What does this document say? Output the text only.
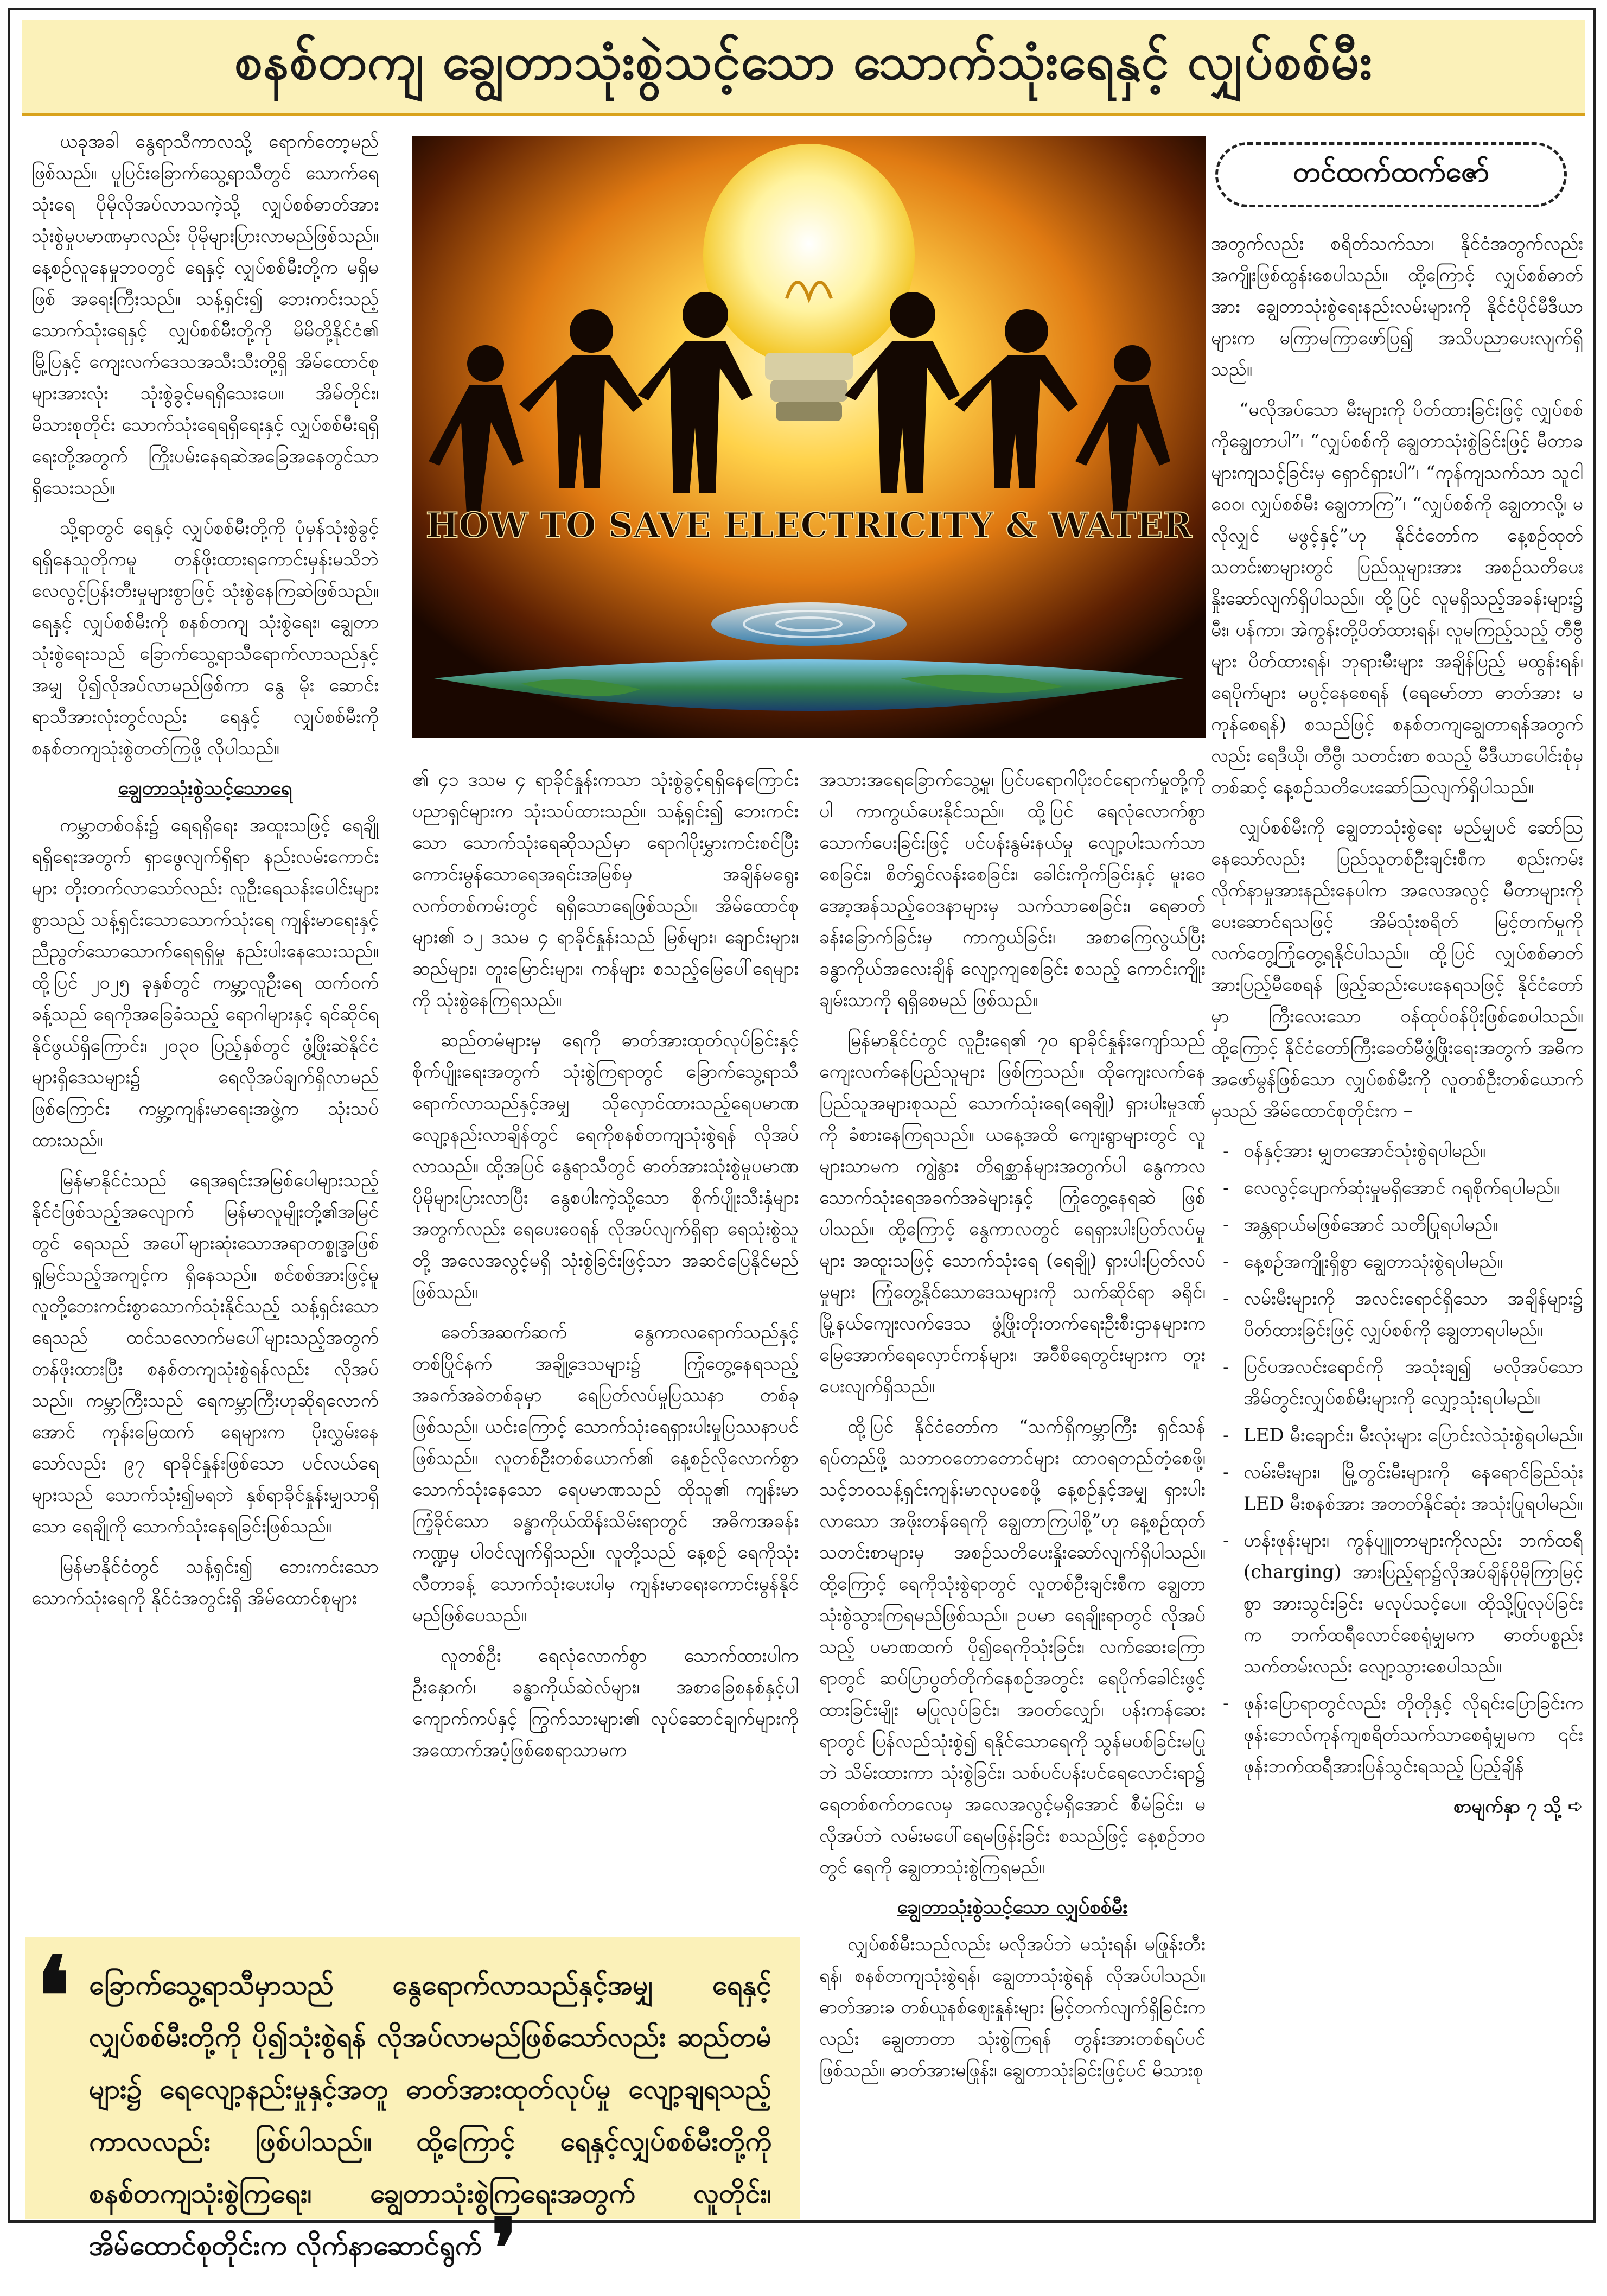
စနစ်တကျ ချွေတာသုံးစွဲသင့်သော သောက်သုံးရေနှင့် လျှပ်စစ်မီး

ယခုအခါ နွေရာသီကာလသို့ ရောက်တော့မည်ဖြစ်သည်။ ပူပြင်းခြောက်သွေ့ရာသီတွင် သောက်ရေသုံးရေ ပိုမိုလိုအပ်လာသကဲ့သို့ လျှပ်စစ်ဓာတ်အား သုံးစွဲမှုပမာဏမှာလည်း ပိုမိုများပြားလာမည်ဖြစ်သည်။ နေ့စဉ်လူနေမှုဘဝတွင် ရေနှင့် လျှပ်စစ်မီးတို့က မရှိမဖြစ် အရေးကြီးသည်။ သန့်ရှင်း၍ ဘေးကင်းသည့် သောက်သုံးရေနှင့် လျှပ်စစ်မီးတို့ကို မိမိတို့နိုင်ငံ၏ မြို့ပြနှင့် ကျေးလက်ဒေသအသီးသီးတို့ရှိ အိမ်ထောင်စုများအားလုံး သုံးစွဲခွင့်မရရှိသေးပေ။ အိမ်တိုင်း၊ မိသားစုတိုင်း သောက်သုံးရေရရှိရေးနှင့် လျှပ်စစ်မီးရရှိရေးတို့အတွက် ကြိုးပမ်းနေရဆဲအခြေအနေတွင်သာ ရှိသေးသည်။

သို့ရာတွင် ရေနှင့် လျှပ်စစ်မီးတို့ကို ပုံမှန်သုံးစွဲခွင့်ရရှိနေသူတိုကမူ တန်ဖိုးထားရကောင်းမှန်းမသိဘဲ လေလွင့်ပြန်းတီးမှုများစွာဖြင့် သုံးစွဲနေကြဆဲဖြစ်သည်။ ရေနှင့် လျှပ်စစ်မီးကို စနစ်တကျ သုံးစွဲရေး၊ ချွေတာသုံးစွဲရေးသည် ခြောက်သွေ့ရာသီရောက်လာသည်နှင့်အမျှ ပို၍လိုအပ်လာမည်ဖြစ်ကာ နွေ မိုး ဆောင်း ရာသီအားလုံးတွင်လည်း ရေနှင့် လျှပ်စစ်မီးကို စနစ်တကျသုံးစွဲတတ်ကြဖို့ လိုပါသည်။

ချွေတာသုံးစွဲသင့်သောရေ

ကမ္ဘာတစ်ဝန်း၌ ရေရရှိရေး အထူးသဖြင့် ရေချိုရရှိရေးအတွက် ရှာဖွေလျက်ရှိရာ နည်းလမ်းကောင်းများ တိုးတက်လာသော်လည်း လူဦးရေသန်းပေါင်းများစွာသည် သန့်ရှင်းသောသောက်သုံးရေ ကျန်းမာရေးနှင့်ညီညွတ်သောသောက်ရေရရှိမှု နည်းပါးနေသေးသည်။ ထို့ပြင် ၂၀၂၅ ခုနှစ်တွင် ကမ္ဘာ့လူဦးရေ ထက်ဝက်ခန့်သည် ရေကိုအခြေခံသည့် ရောဂါများနှင့် ရင်ဆိုင်ရနိုင်ဖွယ်ရှိကြောင်း၊ ၂၀၃၀ ပြည့်နှစ်တွင် ဖွံ့ဖြိုးဆဲနိုင်ငံများရှိဒေသများ၌ ရေလိုအပ်ချက်ရှိလာမည်ဖြစ်ကြောင်း ကမ္ဘာ့ကျန်းမာရေးအဖွဲ့က သုံးသပ်ထားသည်။

မြန်မာနိုင်ငံသည် ရေအရင်းအမြစ်ပေါများသည့် နိုင်ငံဖြစ်သည့်အလျောက် မြန်မာလူမျိုးတို့၏အမြင်တွင် ရေသည် အပေါ်များဆုံးသောအရာတစ္စ္ခုအဖြစ် ရှုမြင်သည့်အကျင့်က ရှိနေသည်။ စင်စစ်အားဖြင့်မူ လူတို့ဘေးကင်းစွာသောက်သုံးနိုင်သည့် သန့်ရှင်းသောရေသည် ထင်သလောက်မပေါ်များသည့်အတွက် တန်ဖိုးထားပြီး စနစ်တကျသုံးစွဲရန်လည်း လိုအပ်သည်။ ကမ္ဘာကြီးသည် ရေကမ္ဘာကြီးဟုဆိုရလောက်အောင် ကုန်းမြေထက် ရေများက ပိုးလွှမ်းနေသော်လည်း ၉၇ ရာခိုင်နှုန်းဖြစ်သော ပင်လယ်ရေများသည် သောက်သုံး၍မရဘဲ နှစ်ရာခိုင်နှုန်းမျှသာရှိသော ရေချိုကို သောက်သုံးနေရခြင်းဖြစ်သည်။

မြန်မာနိုင်ငံတွင် သန့်ရှင်း၍ ဘေးကင်းသော သောက်သုံးရေကို နိုင်ငံအတွင်းရှိ အိမ်ထောင်စုများ

HOW TO SAVE ELECTRICITY & WATER

၏ ၄၁ ဒသမ ၄ ရာခိုင်နှုန်းကသာ သုံးစွဲခွင့်ရရှိနေကြောင်း ပညာရှင်များက သုံးသပ်ထားသည်။ သန့်ရှင်း၍ ဘေးကင်းသော သောက်သုံးရေဆိုသည်မှာ ရောဂါပိုးမွှားကင်းစင်ပြီး ကောင်းမွန်သောရေအရင်းအမြစ်မှ အချိန်မရွေး လက်တစ်ကမ်းတွင် ရရှိသောရေဖြစ်သည်။ အိမ်ထောင်စုများ၏ ၁၂ ဒသမ ၄ ရာခိုင်နှုန်းသည် မြစ်များ၊ ချောင်းများ၊ ဆည်များ၊ တူးမြောင်းများ၊ ကန်များ စသည့်မြေပေါ်ရေများကို သုံးစွဲနေကြရသည်။

ဆည်တမံများမှ ရေကို ဓာတ်အားထုတ်လုပ်ခြင်းနှင့် စိုက်ပျိုးရေးအတွက် သုံးစွဲကြရာတွင် ခြောက်သွေ့ရာသီရောက်လာသည်နှင့်အမျှ သိုလှောင်ထားသည့်ရေပမာဏ လျော့နည်းလာချိန်တွင် ရေကိုစနစ်တကျသုံးစွဲရန် လိုအပ်လာသည်။ ထို့အပြင် နွေရာသီတွင် ဓာတ်အားသုံးစွဲမှုပမာဏ ပိုမိုများပြားလာပြီး နွေစပါးကဲ့သို့သော စိုက်ပျိုးသီးနှံများအတွက်လည်း ရေပေးဝေရန် လိုအပ်လျက်ရှိရာ ရေသုံးစွဲသူတို့ အလေအလွင့်မရှိ သုံးစွဲခြင်းဖြင့်သာ အဆင်ပြေနိုင်မည်ဖြစ်သည်။

ခေတ်အဆက်ဆက် နွေကာလရောက်သည်နှင့် တစ်ပြိုင်နက် အချို့ဒေသများ၌ ကြုံတွေ့နေရသည့် အခက်အခဲတစ်ခုမှာ ရေပြတ်လပ်မှုပြဿနာ တစ်ခုဖြစ်သည်။ ယင်းကြောင့် သောက်သုံးရေရှားပါးမှုပြဿနာပင်ဖြစ်သည်။ လူတစ်ဦးတစ်ယောက်၏ နေ့စဉ်လိုလောက်စွာ သောက်သုံးနေသော ရေပမာဏသည် ထိုသူ၏ ကျန်းမာကြံ့ခိုင်သော ခန္ဓာကိုယ်ထိန်းသိမ်းရာတွင် အဓိကအခန်းကဏ္ဍမှ ပါဝင်လျက်ရှိသည်။ လူတို့သည် နေ့စဉ် ရေကိုသုံးလီတာခန့် သောက်သုံးပေးပါမှ ကျန်းမာရေးကောင်းမွန်နိုင်မည်ဖြစ်ပေသည်။

လူတစ်ဦး ရေလုံလောက်စွာ သောက်ထားပါက ဦးနှောက်၊ ခန္ဓာကိုယ်ဆဲလ်များ၊ အစာခြေစနစ်နှင့်ပါ ကျောက်ကပ်နှင့် ကြွက်သားများ၏ လုပ်ဆောင်ချက်များကို အထောက်အပံ့ဖြစ်စေရာသာမက

အသားအရေခြောက်သွေ့မှု၊ ပြင်ပရောဂါပိုးဝင်ရောက်မှုတို့ကိုပါ ကာကွယ်ပေးနိုင်သည်။ ထို့ပြင် ရေလုံလောက်စွာသောက်ပေးခြင်းဖြင့် ပင်ပန်းနွမ်းနယ်မှု လျော့ပါးသက်သာစေခြင်း၊ စိတ်ရွှင်လန်းစေခြင်း၊ ခေါင်းကိုက်ခြင်းနှင့် မူးဝေအော့အန်သည့်ဝေဒနာများမှ သက်သာစေခြင်း၊ ရေဓာတ်ခန်းခြောက်ခြင်းမှ ကာကွယ်ခြင်း၊ အစာကြေလွယ်ပြီး ခန္ဓာကိုယ်အလေးချိန် လျော့ကျစေခြင်း စသည့် ကောင်းကျိုးချမ်းသာကို ရရှိစေမည် ဖြစ်သည်။

မြန်မာနိုင်ငံတွင် လူဦးရေ၏ ၇၀ ရာခိုင်နှုန်းကျော်သည် ကျေးလက်နေပြည်သူများ ဖြစ်ကြသည်။ ထိုကျေးလက်နေပြည်သူအများစုသည် သောက်သုံးရေ(ရေချို) ရှားပါးမှုဒဏ်ကို ခံစားနေကြရသည်။ ယနေ့အထိ ကျေးရွာများတွင် လူများသာမက ကျွဲနွား တိရစ္ဆာန်များအတွက်ပါ နွေကာလ သောက်သုံးရေအခက်အခဲများနှင့် ကြုံတွေ့နေရဆဲ ဖြစ်ပါသည်။ ထို့ကြောင့် နွေကာလတွင် ရေရှားပါးပြတ်လပ်မှုများ အထူးသဖြင့် သောက်သုံးရေ (ရေချို) ရှားပါးပြတ်လပ်မှုများ ကြုံတွေ့နိုင်သောဒေသများကို သက်ဆိုင်ရာ ခရိုင်၊ မြို့နယ်ကျေးလက်ဒေသ ဖွံ့ဖြိုးတိုးတက်ရေးဦးစီးဌာနများက မြေအောက်ရေလှောင်ကန်များ၊ အဝီစိရေတွင်းများက တူးပေးလျက်ရှိသည်။

ထို့ပြင် နိုင်ငံတော်က “သက်ရှိကမ္ဘာကြီး ရှင်သန်ရပ်တည်ဖို့ သဘာဝတောတောင်များ ထာဝရတည်တံ့စေဖို့၊ သင့်ဘဝသန့်ရှင်းကျန်းမာလုပစေဖို့ နေ့စဉ်နှင့်အမျှ ရှားပါးလာသော အဖိုးတန်ရေကို ချွေတာကြပါစို့”ဟု နေ့စဉ်ထုတ်သတင်းစာများမှ အစဉ်သတိပေးနှိုးဆော်လျက်ရှိပါသည်။ ထို့ကြောင့် ရေကိုသုံးစွဲရာတွင် လူတစ်ဦးချင်းစီက ချွေတာသုံးစွဲသွားကြရမည်ဖြစ်သည်။ ဥပမာ ရေချိုးရာတွင် လိုအပ်သည့် ပမာဏထက် ပို၍ရေကိုသုံးခြင်း၊ လက်ဆေးကြောရာတွင် ဆပ်ပြာပွတ်တိုက်နေစဉ်အတွင်း ရေပိုက်ခေါင်းဖွင့်ထားခြင်းမျိုး မပြုလုပ်ခြင်း၊ အဝတ်လျှော်၊ ပန်းကန်ဆေးရာတွင် ပြန်လည်သုံးစွဲ၍ ရနိုင်သောရေကို သွန်မပစ်ခြင်းမပြုဘဲ သိမ်းထားကာ သုံးစွဲခြင်း၊ သစ်ပင်ပန်းပင်ရေလောင်းရာ၌ ရေတစ်စက်တလေမှ အလေအလွင့်မရှိအောင် စီမံခြင်း၊ မလိုအပ်ဘဲ လမ်းမပေါ်ရေမဖြန်းခြင်း စသည်ဖြင့် နေ့စဉ်ဘဝတွင် ရေကို ချွေတာသုံးစွဲကြရမည်။

ချွေတာသုံးစွဲသင့်သော လျှပ်စစ်မီး

လျှပ်စစ်မီးသည်လည်း မလိုအပ်ဘဲ မသုံးရန်၊ မဖြုန်းတီးရန်၊ စနစ်တကျသုံးစွဲရန်၊ ချွေတာသုံးစွဲရန် လိုအပ်ပါသည်။ ဓာတ်အားခ တစ်ယူနစ်ဈေးနှုန်းများ မြင့်တက်လျက်ရှိခြင်းကလည်း ချွေတာတာ သုံးစွဲကြရန် တွန်းအားတစ်ရပ်ပင် ဖြစ်သည်။ ဓာတ်အားမဖြုန်း၊ ချွေတာသုံးခြင်းဖြင့်ပင် မိသားစု

တင်ထက်ထက်ဇော်

အတွက်လည်း စရိတ်သက်သာ၊ နိုင်ငံအတွက်လည်း အကျိုးဖြစ်ထွန်းစေပါသည်။ ထို့ကြောင့် လျှပ်စစ်ဓာတ်အား ချွေတာသုံးစွဲရေးနည်းလမ်းများကို နိုင်ငံပိုင်မီဒီယာများက မကြာမကြာဖော်ပြ၍ အသိပညာပေးလျက်ရှိသည်။

“မလိုအပ်သော မီးများကို ပိတ်ထားခြင်းဖြင့် လျှပ်စစ်ကိုချွေတာပါ”၊ “လျှပ်စစ်ကို ချွေတာသုံးစွဲခြင်းဖြင့် မီတာခများကျသင့်ခြင်းမှ ရှောင်ရှားပါ”၊ “ကုန်ကျသက်သာ သူငါဝေဝ၊ လျှပ်စစ်မီး ချွေတာကြ”၊ “လျှပ်စစ်ကို ချွေတာလို့၊ မလိုလျှင် မဖွင့်နှင့်”ဟု နိုင်ငံတော်က နေ့စဉ်ထုတ်သတင်းစာများတွင် ပြည်သူများအား အစဉ်သတိပေးနှိုးဆော်လျက်ရှိပါသည်။ ထို့ပြင် လူမရှိသည့်အခန်းများ၌ မီး၊ ပန်ကာ၊ အဲကွန်းတို့ပိတ်ထားရန်၊ လူမကြည့်သည့် တီဗွီများ ပိတ်ထားရန်၊ ဘုရားမီးများ အချိန်ပြည့် မထွန်းရန်၊ ရေပိုက်များ မပွင့်နေစေရန် (ရေမော်တာ ဓာတ်အား မကုန်စေရန်) စသည်ဖြင့် စနစ်တကျချွေတာရန်အတွက် လည်း ရေဒီယို၊ တီဗွီ၊ သတင်းစာ စသည့် မီဒီယာပေါင်းစုံမှ တစ်ဆင့် နေ့စဉ်သတိပေးဆော်ဩလျက်ရှိပါသည်။

လျှပ်စစ်မီးကို ချွေတာသုံးစွဲရေး မည်မျှပင် ဆော်ဩနေသော်လည်း ပြည်သူတစ်ဦးချင်းစီက စည်းကမ်းလိုက်နာမှုအားနည်းနေပါက အလေအလွင့် မီတာများကို ပေးဆောင်ရသဖြင့် အိမ်သုံးစရိတ် မြင့်တက်မှုကို လက်တွေ့ကြုံတွေ့ရနိုင်ပါသည်။ ထို့ပြင် လျှပ်စစ်ဓာတ်အားပြည့်မီစေရန် ဖြည့်ဆည်းပေးနေရသဖြင့် နိုင်ငံတော်မှာ ကြီးလေးသော ဝန်ထုပ်ဝန်ပိုးဖြစ်စေပါသည်။ ထို့ကြောင့် နိုင်ငံတော်ကြီးခေတ်မီဖွံ့ဖြိုးရေးအတွက် အဓိကအဖော်မွန်ဖြစ်သော လျှပ်စစ်မီးကို လူတစ်ဦးတစ်ယောက်မှသည် အိမ်ထောင်စုတိုင်းက –

- ဝန်နှင့်အား မျှတအောင်သုံးစွဲရပါမည်။
- လေလွင့်ပျောက်ဆုံးမှုမရှိအောင် ဂရုစိုက်ရပါမည်။
- အန္တရာယ်မဖြစ်အောင် သတိပြုရပါမည်။
- နေ့စဉ်အကျိုးရှိစွာ ချွေတာသုံးစွဲရပါမည်။
- လမ်းမီးများကို အလင်းရောင်ရှိသော အချိန်များ၌ ပိတ်ထားခြင်းဖြင့် လျှပ်စစ်ကို ချွေတာရပါမည်။
- ပြင်ပအလင်းရောင်ကို အသုံးချ၍ မလိုအပ်သော အိမ်တွင်းလျှပ်စစ်မီးများကို လျှော့သုံးရပါမည်။
- LED မီးချောင်း၊ မီးလုံးများ ပြောင်းလဲသုံးစွဲရပါမည်။
- လမ်းမီးများ၊ မြို့တွင်းမီးများကို နေရောင်ခြည်သုံး LED မီးစနစ်အား အတတ်နိုင်ဆုံး အသုံးပြုရပါမည်။
- ဟန်းဖုန်းများ၊ ကွန်ပျူတာများကိုလည်း ဘက်ထရီ (charging) အားပြည့်ရာ၌လိုအပ်ချိန်ပိုမိုကြာမြင့်စွာ အားသွင်းခြင်း မလုပ်သင့်ပေ။ ထိုသို့ပြုလုပ်ခြင်းက ဘက်ထရီလောင်စေရုံမျှမက ဓာတ်ပစ္စည်းသက်တမ်းလည်း လျော့သွားစေပါသည်။
- ဖုန်းပြောရာတွင်လည်း တိုတိုနှင့် လိုရင်းပြောခြင်းက ဖုန်းဘေလ်ကုန်ကျစရိတ်သက်သာစေရုံမျှမက ၎င်းဖုန်းဘက်ထရီအားပြန်သွင်းရသည့် ပြည့်ချိန်

စာမျက်နှာ ၇ သို့ ➪

❛ ခြောက်သွေ့ရာသီမှာသည် နွေရောက်လာသည်နှင့်အမျှ ရေနှင့် လျှပ်စစ်မီးတို့ကို ပို၍သုံးစွဲရန် လိုအပ်လာမည်ဖြစ်သော်လည်း ဆည်တမံများ၌ ရေလျော့နည်းမှုနှင့်အတူ ဓာတ်အားထုတ်လုပ်မှု လျော့ချရသည့်ကာလလည်း ဖြစ်ပါသည်။ ထို့ကြောင့် ရေနှင့်လျှပ်စစ်မီးတို့ကို စနစ်တကျသုံးစွဲကြရေး၊ ချွေတာသုံးစွဲကြရေးအတွက် လူတိုင်း၊ အိမ်ထောင်စုတိုင်းက လိုက်နာဆောင်ရွက် ❜
